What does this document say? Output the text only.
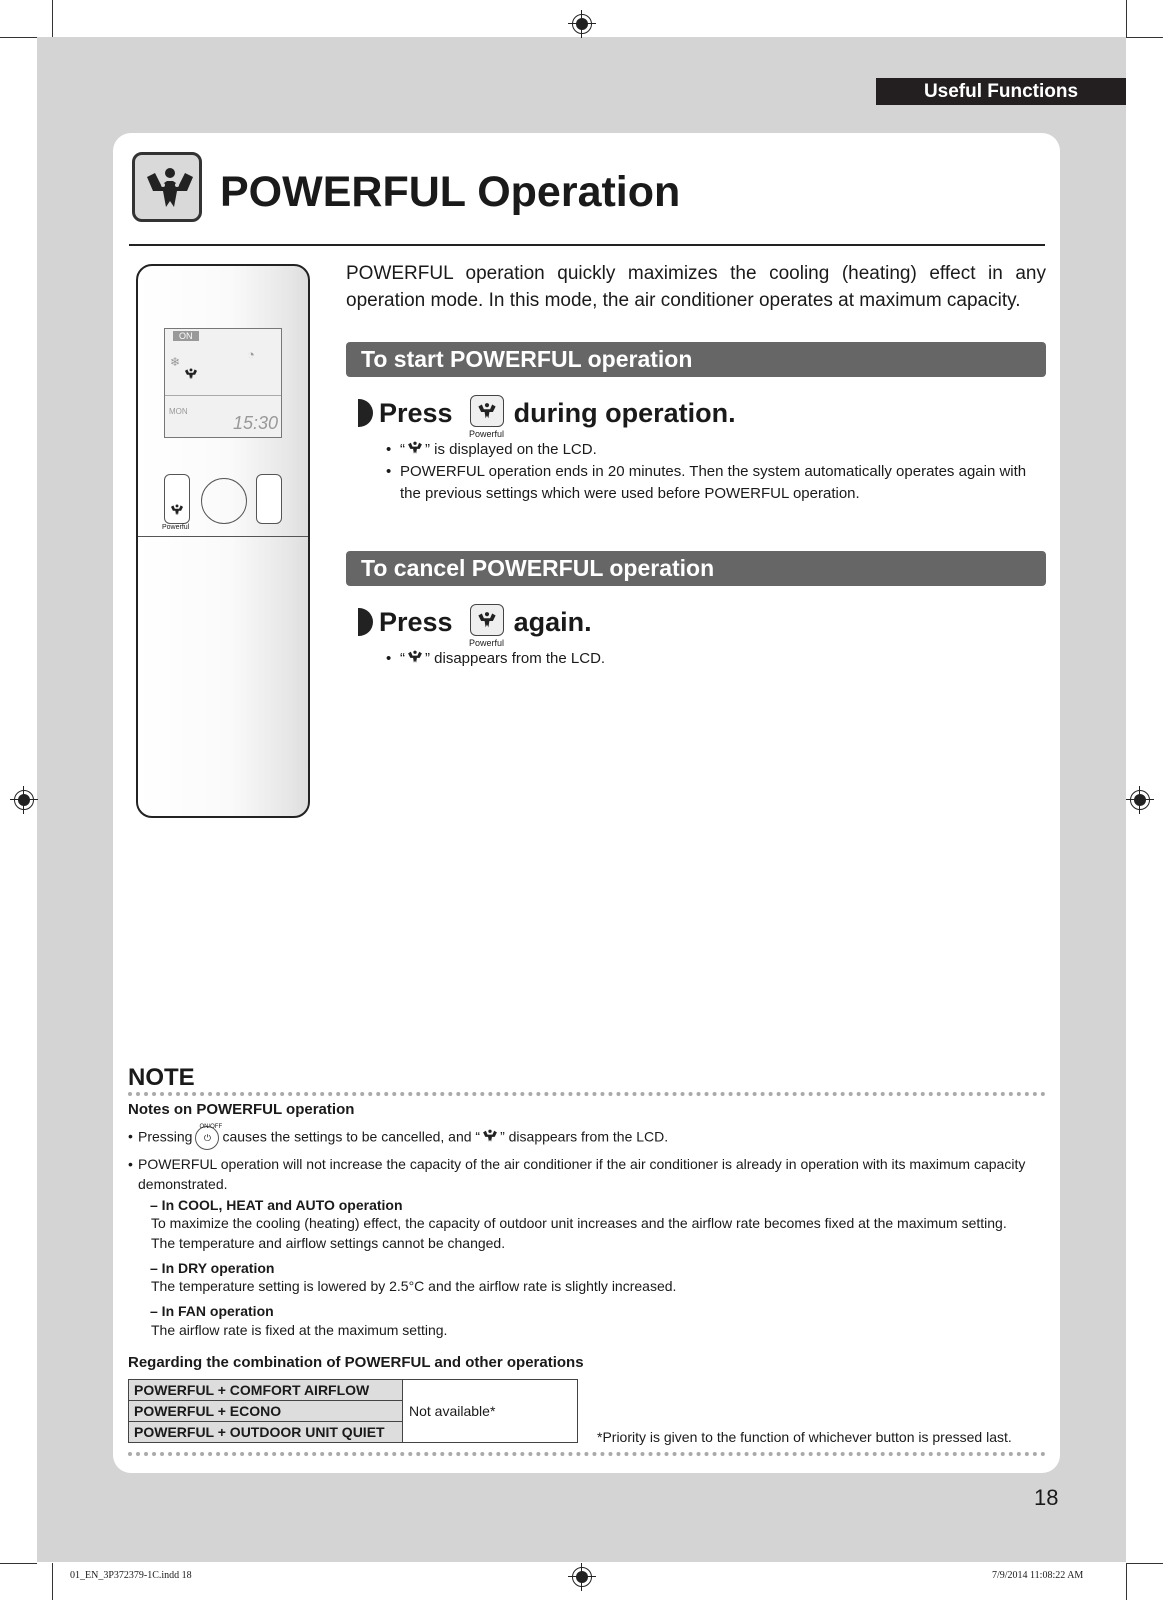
Useful Functions
POWERFUL Operation
ON
❄	◔
MON
15:30
Powerful

POWERFUL operation quickly maximizes the cooling (heating) effect in any operation mode. In this mode, the air conditioner operates at maximum capacity.

To start POWERFUL operation
Press during operation.
Powerful
• “ ” is displayed on the LCD.
• POWERFUL operation ends in 20 minutes. Then the system automatically operates again with the previous settings which were used before POWERFUL operation.
To cancel POWERFUL operation
Press again.
Powerful
• “ ” disappears from the LCD.
NOTE
Notes on POWERFUL operation
• Pressing
ON/OFF
⏻ causes the settings to be cancelled, and “ ” disappears from the LCD.
• POWERFUL operation will not increase the capacity of the air conditioner if the air conditioner is already in operation with its maximum capacity demonstrated.
– In COOL, HEAT and AUTO operation

To maximize the cooling (heating) effect, the capacity of outdoor unit increases and the airflow rate becomes fixed at the maximum setting. The temperature and airflow settings cannot be changed.

– In DRY operation

The temperature setting is lowered by 2.5°C and the airflow rate is slightly increased.

– In FAN operation

The airflow rate is fixed at the maximum setting.

Regarding the combination of POWERFUL and other operations
POWERFUL + COMFORT AIRFLOW	Not available*
POWERFUL + ECONO
POWERFUL + OUTDOOR UNIT QUIET	*Priority is given to the function of whichever button is pressed last.
18
01_EN_3P372379-1C.indd 18	7/9/2014 11:08:22 AM
